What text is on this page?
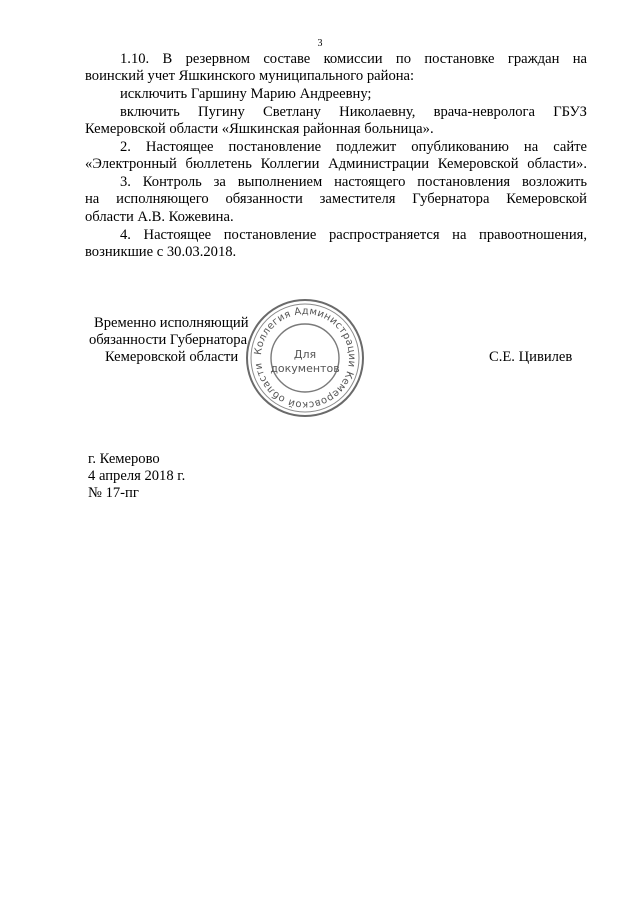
3
1.10. В резервном составе комиссии по постановке граждан на
воинский учет Яшкинского муниципального района:
исключить Гаршину Марию Андреевну;
включить Пугину Светлану Николаевну, врача-невролога ГБУЗ
Кемеровской области «Яшкинская районная больница».
2. Настоящее постановление подлежит опубликованию на сайте
«Электронный бюллетень Коллегии Администрации Кемеровской области».
3. Контроль за выполнением настоящего постановления возложить
на исполняющего обязанности заместителя Губернатора Кемеровской
области А.В. Кожевина.
4. Настоящее постановление распространяется на правоотношения,
возникшие с 30.03.2018.
Временно исполняющий
обязанности Губернатора
Кемеровской области	С.Е. Цивилев
Коллегия Администрации Кемеровской области
Для
документов
г. Кемерово
4 апреля 2018 г.
№ 17-пг
